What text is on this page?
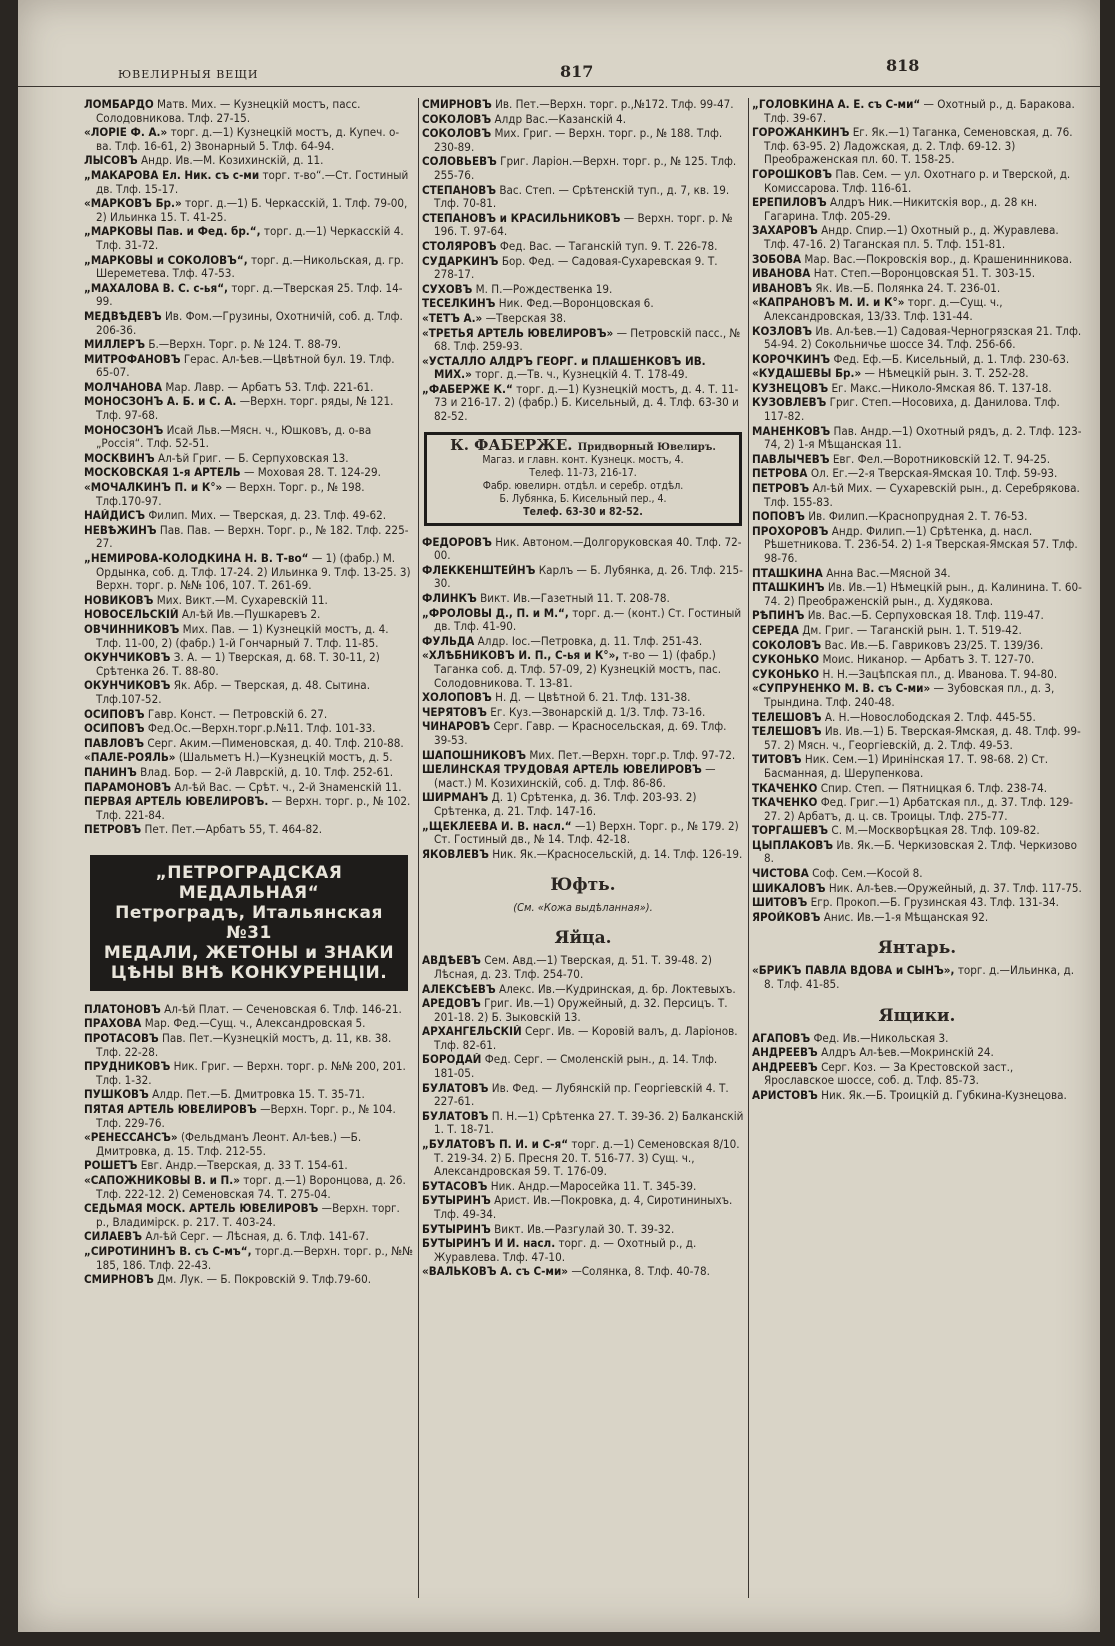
ЮВЕЛИРНЫЯ ВЕЩИ	817	818
ЛОМБАРДО Матв. Мих. — Кузнецкій мостъ, пасс. Солодовникова. Тлф. 27-15.
«ЛОРІЕ Ф. А.» торг. д.—1) Кузнецкій мостъ, д. Купеч. о-ва. Тлф. 16-61, 2) Звонарный 5. Тлф. 64-94.
ЛЫСОВЪ Андр. Ив.—М. Козихинскій, д. 11.
„МАКАРОВА Ел. Ник. съ с-ми торг. т-во“.—Ст. Гостиный дв. Тлф. 15-17.
«МАРКОВЪ Бр.» торг. д.—1) Б. Черкасскій, 1. Тлф. 79-00, 2) Ильинка 15. Т. 41-25.
„МАРКОВЫ Пав. и Фед. бр.“, торг. д.—1) Черкасскій 4. Тлф. 31-72.
„МАРКОВЫ и СОКОЛОВЪ“, торг. д.—Никольская, д. гр. Шереметева. Тлф. 47-53.
„МАХАЛОВА В. С. с-ья“, торг. д.—Тверская 25. Тлф. 14-99.
МЕДВѢДЕВЪ Ив. Фом.—Грузины, Охотничій, соб. д. Тлф. 206-36.
МИЛЛЕРЪ Б.—Верхн. Торг. р. № 124. Т. 88-79.
МИТРОФАНОВЪ Герас. Ал-ѣев.—Цвѣтной бул. 19. Тлф. 65-07.
МОЛЧАНОВА Мар. Лавр. — Арбатъ 53. Тлф. 221-61.
МОНОСЗОНЪ А. Б. и С. А. —Верхн. торг. ряды, № 121. Тлф. 97-68.
МОНОСЗОНЪ Исай Льв.—Мясн. ч., Юшковъ, д. о-ва „Россія“. Тлф. 52-51.
МОСКВИНЪ Ал-ѣй Григ. — Б. Серпуховская 13.
МОСКОВСКАЯ 1-я АРТЕЛЬ — Моховая 28. Т. 124-29.
«МОЧАЛКИНЪ П. и К°» — Верхн. Торг. р., № 198. Тлф.170-97.
НАЙДИСЪ Филип. Мих. — Тверская, д. 23. Тлф. 49-62.
НЕВѢЖИНЪ Пав. Пав. — Верхн. Торг. р., № 182. Тлф. 225-27.
„НЕМИРОВА-КОЛОДКИНА Н. В. Т-во“ — 1) (фабр.) М. Ордынка, соб. д. Тлф. 17-24. 2) Ильинка 9. Тлф. 13-25. 3) Верхн. торг. р. №№ 106, 107. Т. 261-69.
НОВИКОВЪ Мих. Викт.—М. Сухаревскій 11.
НОВОСЕЛЬСКІЙ Ал-ѣй Ив.—Пушкаревъ 2.
ОВЧИННИКОВЪ Мих. Пав. — 1) Кузнецкій мостъ, д. 4. Тлф. 11-00, 2) (фабр.) 1-й Гончарный 7. Тлф. 11-85.
ОКУНЧИКОВЪ З. А. — 1) Тверская, д. 68. Т. 30-11, 2) Срѣтенка 26. Т. 88-80.
ОКУНЧИКОВЪ Як. Абр. — Тверская, д. 48. Сытина. Тлф.107-52.
ОСИПОВЪ Гавр. Конст. — Петровскій 6. 27.
ОСИПОВЪ Фед.Ос.—Верхн.торг.р.№11. Тлф. 101-33.
ПАВЛОВЪ Серг. Аким.—Пименовская, д. 40. Тлф. 210-88.
«ПАЛЕ-РОЯЛЬ» (Шальметъ Н.)—Кузнецкій мостъ, д. 5.
ПАНИНЪ Влад. Бор. — 2-й Лаврскій, д. 10. Тлф. 252-61.
ПАРАМОНОВЪ Ал-ѣй Вас. — Срѣт. ч., 2-й Знаменскій 11.
ПЕРВАЯ АРТЕЛЬ ЮВЕЛИРОВЪ. — Верхн. торг. р., № 102. Тлф. 221-84.
ПЕТРОВЪ Пет. Пет.—Арбатъ 55, Т. 464-82.
„ПЕТРОГРАДСКАЯ МЕДАЛЬНАЯ“
Петроградъ, Итальянская №31
МЕДАЛИ, ЖЕТОНЫ и ЗНАКИ
ЦѢНЫ ВНѢ КОНКУРЕНЦІИ.
ПЛАТОНОВЪ Ал-ѣй Плат. — Сеченовская 6. Тлф. 146-21.
ПРАХОВА Мар. Фед.—Сущ. ч., Александровская 5.
ПРОТАСОВЪ Пав. Пет.—Кузнецкій мостъ, д. 11, кв. 38. Тлф. 22-28.
ПРУДНИКОВЪ Ник. Григ. — Верхн. торг. р. №№ 200, 201. Тлф. 1-32.
ПУШКОВЪ Алдр. Пет.—Б. Дмитровка 15. Т. 35-71.
ПЯТАЯ АРТЕЛЬ ЮВЕЛИРОВЪ —Верхн. Торг. р., № 104. Тлф. 229-76.
«РЕНЕССАНСЪ» (Фельдманъ Леонт. Ал-ѣев.) —Б. Дмитровка, д. 15. Тлф. 212-55.
РОШЕТЪ Евг. Андр.—Тверская, д. 33 Т. 154-61.
«САПОЖНИКОВЫ В. и П.» торг. д.—1) Воронцова, д. 26. Тлф. 222-12. 2) Семеновская 74. Т. 275-04.
СЕДЬМАЯ МОСК. АРТЕЛЬ ЮВЕЛИРОВЪ —Верхн. торг. р., Владимірск. р. 217. Т. 403-24.
СИЛАЕВЪ Ал-ѣй Серг. — Лѣсная, д. 6. Тлф. 141-67.
„СИРОТИНИНЪ В. съ С-мъ“, торг.д.—Верхн. торг. р., №№ 185, 186. Тлф. 22-43.
СМИРНОВЪ Дм. Лук. — Б. Покровскій 9. Тлф.79-60.
СМИРНОВЪ Ив. Пет.—Верхн. торг. р.,№172. Тлф. 99-47.
СОКОЛОВЪ Алдр Вас.—Казанскій 4.
СОКОЛОВЪ Мих. Григ. — Верхн. торг. р., № 188. Тлф. 230-89.
СОЛОВЬЕВЪ Григ. Ларіон.—Верхн. торг. р., № 125. Тлф. 255-76.
СТЕПАНОВЪ Вас. Степ. — Срѣтенскій туп., д. 7, кв. 19. Тлф. 70-81.
СТЕПАНОВЪ и КРАСИЛЬНИКОВЪ — Верхн. торг. р. № 196. Т. 97-64.
СТОЛЯРОВЪ Фед. Вас. — Таганскій туп. 9. Т. 226-78.
СУДАРКИНЪ Бор. Фед. — Садовая-Сухаревская 9. Т. 278-17.
СУХОВЪ М. П.—Рождественка 19.
ТЕСЕЛКИНЪ Ник. Фед.—Воронцовская 6.
«ТЕТЪ А.» —Тверская 38.
«ТРЕТЬЯ АРТЕЛЬ ЮВЕЛИРОВЪ» — Петровскій пасс., № 68. Тлф. 259-93.
«УСТАЛЛО АЛДРЪ ГЕОРГ. и ПЛАШЕНКОВЪ ИВ. МИХ.» торг. д.—Тв. ч., Кузнецкій 4. Т. 178-49.
„ФАБЕРЖЕ К.“ торг. д.—1) Кузнецкій мостъ, д. 4. Т. 11-73 и 216-17. 2) (фабр.) Б. Кисельный, д. 4. Тлф. 63-30 и 82-52.
К. ФАБЕРЖЕ. Придворный Ювелиръ.
Магаз. и главн. конт. Кузнецк. мостъ, 4.
Телеф. 11-73, 216-17.
Фабр. ювелирн. отдѣл. и серебр. отдѣл.
Б. Лубянка, Б. Кисельный пер., 4.
Телеф. 63-30 и 82-52.
ФЕДОРОВЪ Ник. Автоном.—Долгоруковская 40. Тлф. 72-00.
ФЛЕККЕНШТЕЙНЪ Карлъ — Б. Лубянка, д. 26. Тлф. 215-30.
ФЛИНКЪ Викт. Ив.—Газетный 11. Т. 208-78.
„ФРОЛОВЫ Д., П. и М.“, торг. д.— (конт.) Ст. Гостиный дв. Тлф. 41-90.
ФУЛЬДА Алдр. Іос.—Петровка, д. 11. Тлф. 251-43.
«ХЛѢБНИКОВЪ И. П., С-ья и К°», т-во — 1) (фабр.) Таганка соб. д. Тлф. 57-09, 2) Кузнецкій мостъ, пас. Солодовникова. Т. 13-81.
ХОЛОПОВЪ Н. Д. — Цвѣтной б. 21. Тлф. 131-38.
ЧЕРЯТОВЪ Ег. Куз.—Звонарскій д. 1/3. Тлф. 73-16.
ЧИНАРОВЪ Серг. Гавр. — Красносельская, д. 69. Тлф. 39-53.
ШАПОШНИКОВЪ Мих. Пет.—Верхн. торг.р. Тлф. 97-72.
ШЕЛИНСКАЯ ТРУДОВАЯ АРТЕЛЬ ЮВЕЛИРОВЪ —(маст.) М. Козихинскій, соб. д. Тлф. 86-86.
ШИРМАНЪ Д. 1) Срѣтенка, д. 36. Тлф. 203-93. 2) Срѣтенка, д. 21. Тлф. 147-16.
„ЩЕКЛЕЕВА И. В. насл.“ —1) Верхн. Торг. р., № 179. 2) Ст. Гостиный дв., № 14. Тлф. 42-18.
ЯКОВЛЕВЪ Ник. Як.—Красносельскій, д. 14. Тлф. 126-19.
Юфть.
(См. «Кожа выдѣланная»).
Яйца.
АВДѢЕВЪ Сем. Авд.—1) Тверская, д. 51. Т. 39-48. 2) Лѣсная, д. 23. Тлф. 254-70.
АЛЕКСѢЕВЪ Алекс. Ив.—Кудринская, д. бр. Локтевыхъ.
АРЕДОВЪ Григ. Ив.—1) Оружейный, д. 32. Персицъ. Т. 201-18. 2) Б. Зыковскій 13.
АРХАНГЕЛЬСКІЙ Серг. Ив. — Коровій валъ, д. Ларіонов. Тлф. 82-61.
БОРОДАЙ Фед. Серг. — Смоленскій рын., д. 14. Тлф. 181-05.
БУЛАТОВЪ Ив. Фед. — Лубянскій пр. Георгіевскій 4. Т. 227-61.
БУЛАТОВЪ П. Н.—1) Срѣтенка 27. Т. 39-36. 2) Балканскій 1. Т. 18-71.
„БУЛАТОВЪ П. И. и С-я“ торг. д.—1) Семеновская 8/10. Т. 219-34. 2) Б. Пресня 20. Т. 516-77. 3) Сущ. ч., Александровская 59. Т. 176-09.
БУТАСОВЪ Ник. Андр.—Маросейка 11. Т. 345-39.
БУТЫРИНЪ Арист. Ив.—Покровка, д. 4, Сиротининыхъ. Тлф. 49-34.
БУТЫРИНЪ Викт. Ив.—Разгулай 30. Т. 39-32.
БУТЫРИНЪ И И. насл. торг. д. — Охотный р., д. Журавлева. Тлф. 47-10.
«ВАЛЬКОВЪ А. съ С-ми» —Солянка, 8. Тлф. 40-78.
„ГОЛОВКИНА А. Е. съ С-ми“ — Охотный р., д. Баракова. Тлф. 39-67.
ГОРОЖАНКИНЪ Ег. Як.—1) Таганка, Семеновская, д. 76. Тлф. 63-95. 2) Ладожская, д. 2. Тлф. 69-12. 3) Преображенская пл. 60. Т. 158-25.
ГОРОШКОВЪ Пав. Сем. — ул. Охотнаго р. и Тверской, д. Комиссарова. Тлф. 116-61.
ЕРЕПИЛОВЪ Алдръ Ник.—Никитскія вор., д. 28 кн. Гагарина. Тлф. 205-29.
ЗАХАРОВЪ Андр. Спир.—1) Охотный р., д. Журавлева. Тлф. 47-16. 2) Таганская пл. 5. Тлф. 151-81.
ЗОБОВА Мар. Вас.—Покровскія вор., д. Крашенинникова.
ИВАНОВА Нат. Степ.—Воронцовская 51. Т. 303-15.
ИВАНОВЪ Як. Ив.—Б. Полянка 24. Т. 236-01.
«КАПРАНОВЪ М. И. и К°» торг. д.—Сущ. ч., Александровская, 13/33. Тлф. 131-44.
КОЗЛОВЪ Ив. Ал-ѣев.—1) Садовая-Черногрязская 21. Тлф. 54-94. 2) Сокольничье шоссе 34. Тлф. 256-66.
КОРОЧКИНЪ Фед. Еф.—Б. Кисельный, д. 1. Тлф. 230-63.
«КУДАШЕВЫ Бр.» — Нѣмецкій рын. 3. Т. 252-28.
КУЗНЕЦОВЪ Ег. Макс.—Николо-Ямская 86. Т. 137-18.
КУЗОВЛЕВЪ Григ. Степ.—Носовиха, д. Данилова. Тлф. 117-82.
МАНЕНКОВЪ Пав. Андр.—1) Охотный рядъ, д. 2. Тлф. 123-74, 2) 1-я Мѣщанская 11.
ПАВЛЫЧЕВЪ Евг. Фел.—Воротниковскій 12. Т. 94-25.
ПЕТРОВА Ол. Ег.—2-я Тверская-Ямская 10. Тлф. 59-93.
ПЕТРОВЪ Ал-ѣй Мих. — Сухаревскій рын., д. Серебрякова. Тлф. 155-83.
ПОПОВЪ Ив. Филип.—Краснопрудная 2. Т. 76-53.
ПРОХОРОВЪ Андр. Филип.—1) Срѣтенка, д. насл. Рѣшетникова. Т. 236-54. 2) 1-я Тверская-Ямская 57. Тлф. 98-76.
ПТАШКИНА Анна Вас.—Мясной 34.
ПТАШКИНЪ Ив. Ив.—1) Нѣмецкій рын., д. Калинина. Т. 60-74. 2) Преображенскій рын., д. Худякова.
РѢПИНЪ Ив. Вас.—Б. Серпуховская 18. Тлф. 119-47.
СЕРЕДА Дм. Григ. — Таганскій рын. 1. Т. 519-42.
СОКОЛОВЪ Вас. Ив.—Б. Гавриковъ 23/25. Т. 139/36.
СУКОНЬКО Моис. Никанор. — Арбатъ 3. Т. 127-70.
СУКОНЬКО Н. Н.—Зацѣпская пл., д. Иванова. Т. 94-80.
«СУПРУНЕНКО М. В. съ С-ми» — Зубовская пл., д. 3, Трындина. Тлф. 240-48.
ТЕЛЕШОВЪ А. Н.—Новослободская 2. Тлф. 445-55.
ТЕЛЕШОВЪ Ив. Ив.—1) Б. Тверская-Ямская, д. 48. Тлф. 99-57. 2) Мясн. ч., Георгіевскій, д. 2. Тлф. 49-53.
ТИТОВЪ Ник. Сем.—1) Иринінская 17. Т. 98-68. 2) Ст. Басманная, д. Шерупенкова.
ТКАЧЕНКО Спир. Степ. — Пятницкая 6. Тлф. 238-74.
ТКАЧЕНКО Фед. Григ.—1) Арбатская пл., д. 37. Тлф. 129-27. 2) Арбатъ, д. ц. св. Троицы. Тлф. 275-77.
ТОРГАШЕВЪ С. М.—Москворѣцкая 28. Тлф. 109-82.
ЦЫПЛАКОВЪ Ив. Як.—Б. Черкизовская 2. Тлф. Черкизово 8.
ЧИСТОВА Соф. Сем.—Косой 8.
ШИКАЛОВЪ Ник. Ал-ѣев.—Оружейный, д. 37. Тлф. 117-75.
ШИТОВЪ Егр. Прокоп.—Б. Грузинская 43. Тлф. 131-34.
ЯРОЙКОВЪ Анис. Ив.—1-я Мѣщанская 92.
Янтарь.
«БРИКЪ ПАВЛА ВДОВА и СЫНЪ», торг. д.—Ильинка, д. 8. Тлф. 41-85.
Ящики.
АГАПОВЪ Фед. Ив.—Никольская 3.
АНДРЕЕВЪ Алдръ Ал-ѣев.—Мокринскій 24.
АНДРЕЕВЪ Серг. Коз. — За Крестовской заст., Ярославское шоссе, соб. д. Тлф. 85-73.
АРИСТОВЪ Ник. Як.—Б. Троицкій д. Губкина-Кузнецова.
